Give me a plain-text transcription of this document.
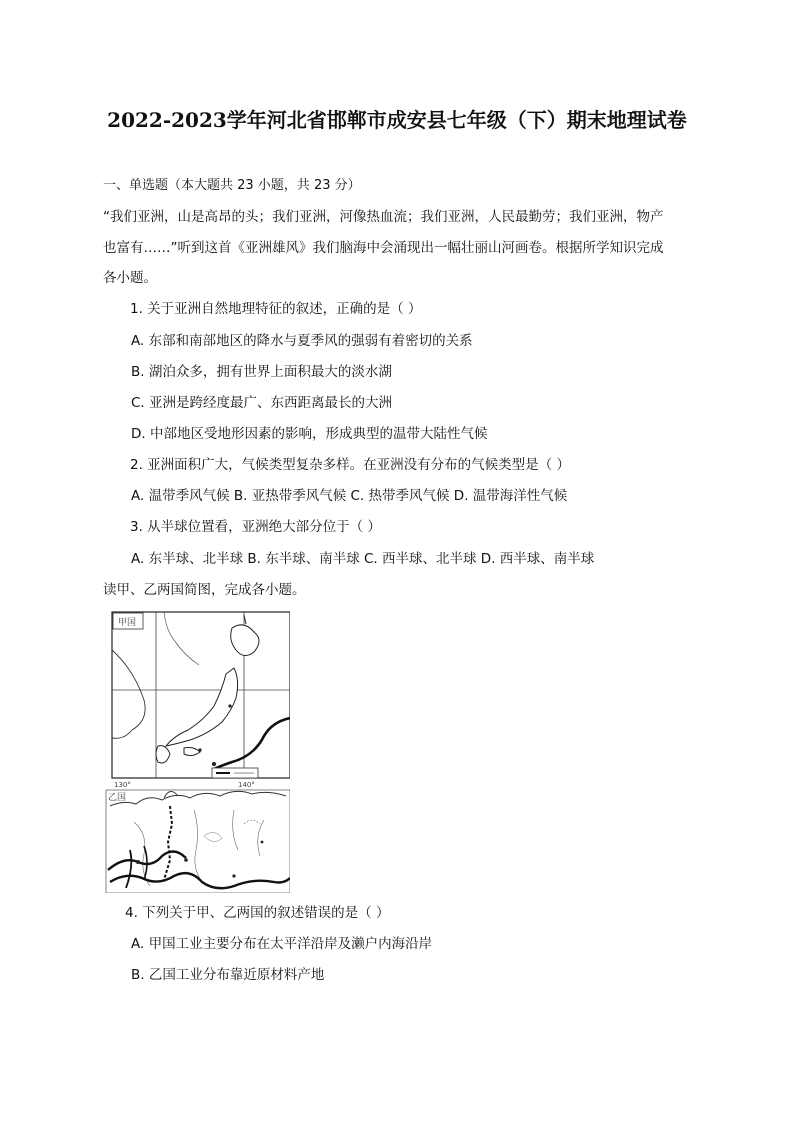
2022-2023学年河北省邯郸市成安县七年级（下）期末地理试卷
一、单选题（本大题共 23 小题，共 23 分）
“我们亚洲，山是高昂的头；我们亚洲，河像热血流；我们亚洲，人民最勤劳；我们亚洲，物产
也富有……”听到这首《亚洲雄风》我们脑海中会涌现出一幅壮丽山河画卷。根据所学知识完成
各小题。
1. 关于亚洲自然地理特征的叙述，正确的是（ ）
A. 东部和南部地区的降水与夏季风的强弱有着密切的关系
B. 湖泊众多，拥有世界上面积最大的淡水湖
C. 亚洲是跨经度最广、东西距离最长的大洲
D. 中部地区受地形因素的影响，形成典型的温带大陆性气候
2. 亚洲面积广大，气候类型复杂多样。在亚洲没有分布的气候类型是（ ）
A. 温带季风气候 B. 亚热带季风气候 C. 热带季风气候 D. 温带海洋性气候
3. 从半球位置看，亚洲绝大部分位于（ ）
A. 东半球、北半球 B. 东半球、南半球 C. 西半球、北半球 D. 西半球、南半球
读甲、乙两国简图，完成各小题。
甲国
130°	140°
乙国
4. 下列关于甲、乙两国的叙述错误的是（ ）
A. 甲国工业主要分布在太平洋沿岸及濑户内海沿岸
B. 乙国工业分布靠近原材料产地
